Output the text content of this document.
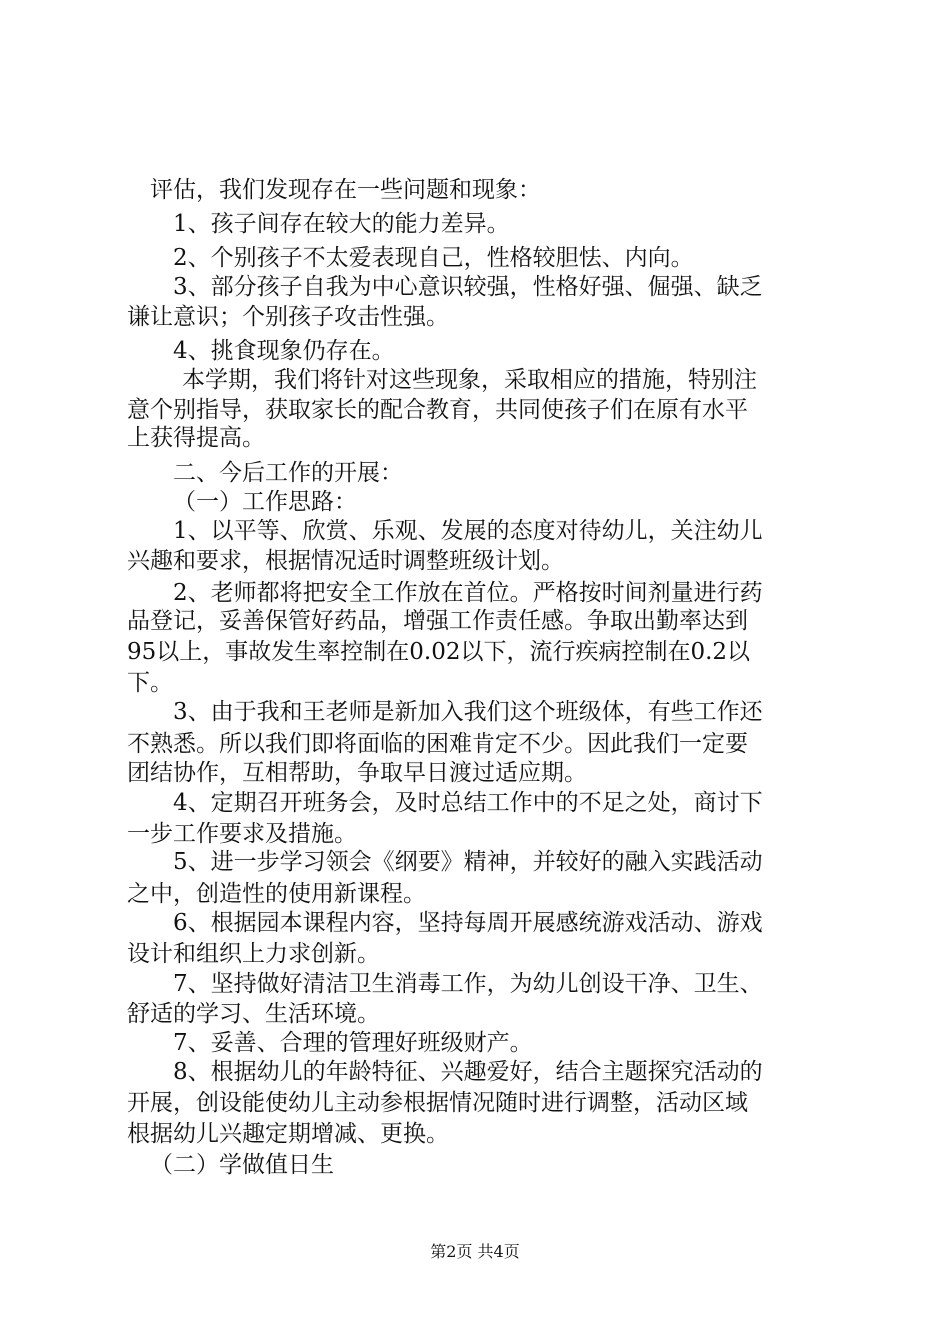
评估，我们发现存在一些问题和现象：
1、孩子间存在较大的能力差异。
2、个别孩子不太爱表现自己，性格较胆怯、内向。
3、部分孩子自我为中心意识较强，性格好强、倔强、缺乏
谦让意识；个别孩子攻击性强。
4、挑食现象仍存在。
本学期，我们将针对这些现象，采取相应的措施，特别注
意个别指导，获取家长的配合教育，共同使孩子们在原有水平
上获得提高。
二、今后工作的开展：
（一）工作思路：
1、以平等、欣赏、乐观、发展的态度对待幼儿，关注幼儿
兴趣和要求，根据情况适时调整班级计划。
2、老师都将把安全工作放在首位。严格按时间剂量进行药
品登记，妥善保管好药品，增强工作责任感。争取出勤率达到
95以上，事故发生率控制在0.02以下，流行疾病控制在0.2以
下。
3、由于我和王老师是新加入我们这个班级体，有些工作还
不熟悉。所以我们即将面临的困难肯定不少。因此我们一定要
团结协作，互相帮助，争取早日渡过适应期。
4、定期召开班务会，及时总结工作中的不足之处，商讨下
一步工作要求及措施。
5、进一步学习领会《纲要》精神，并较好的融入实践活动
之中，创造性的使用新课程。
6、根据园本课程内容，坚持每周开展感统游戏活动、游戏
设计和组织上力求创新。
7、坚持做好清洁卫生消毒工作，为幼儿创设干净、卫生、
舒适的学习、生活环境。
7、妥善、合理的管理好班级财产。
8、根据幼儿的年龄特征、兴趣爱好，结合主题探究活动的
开展，创设能使幼儿主动参根据情况随时进行调整，活动区域
根据幼儿兴趣定期增减、更换。
（二）学做值日生
第2页 共4页
